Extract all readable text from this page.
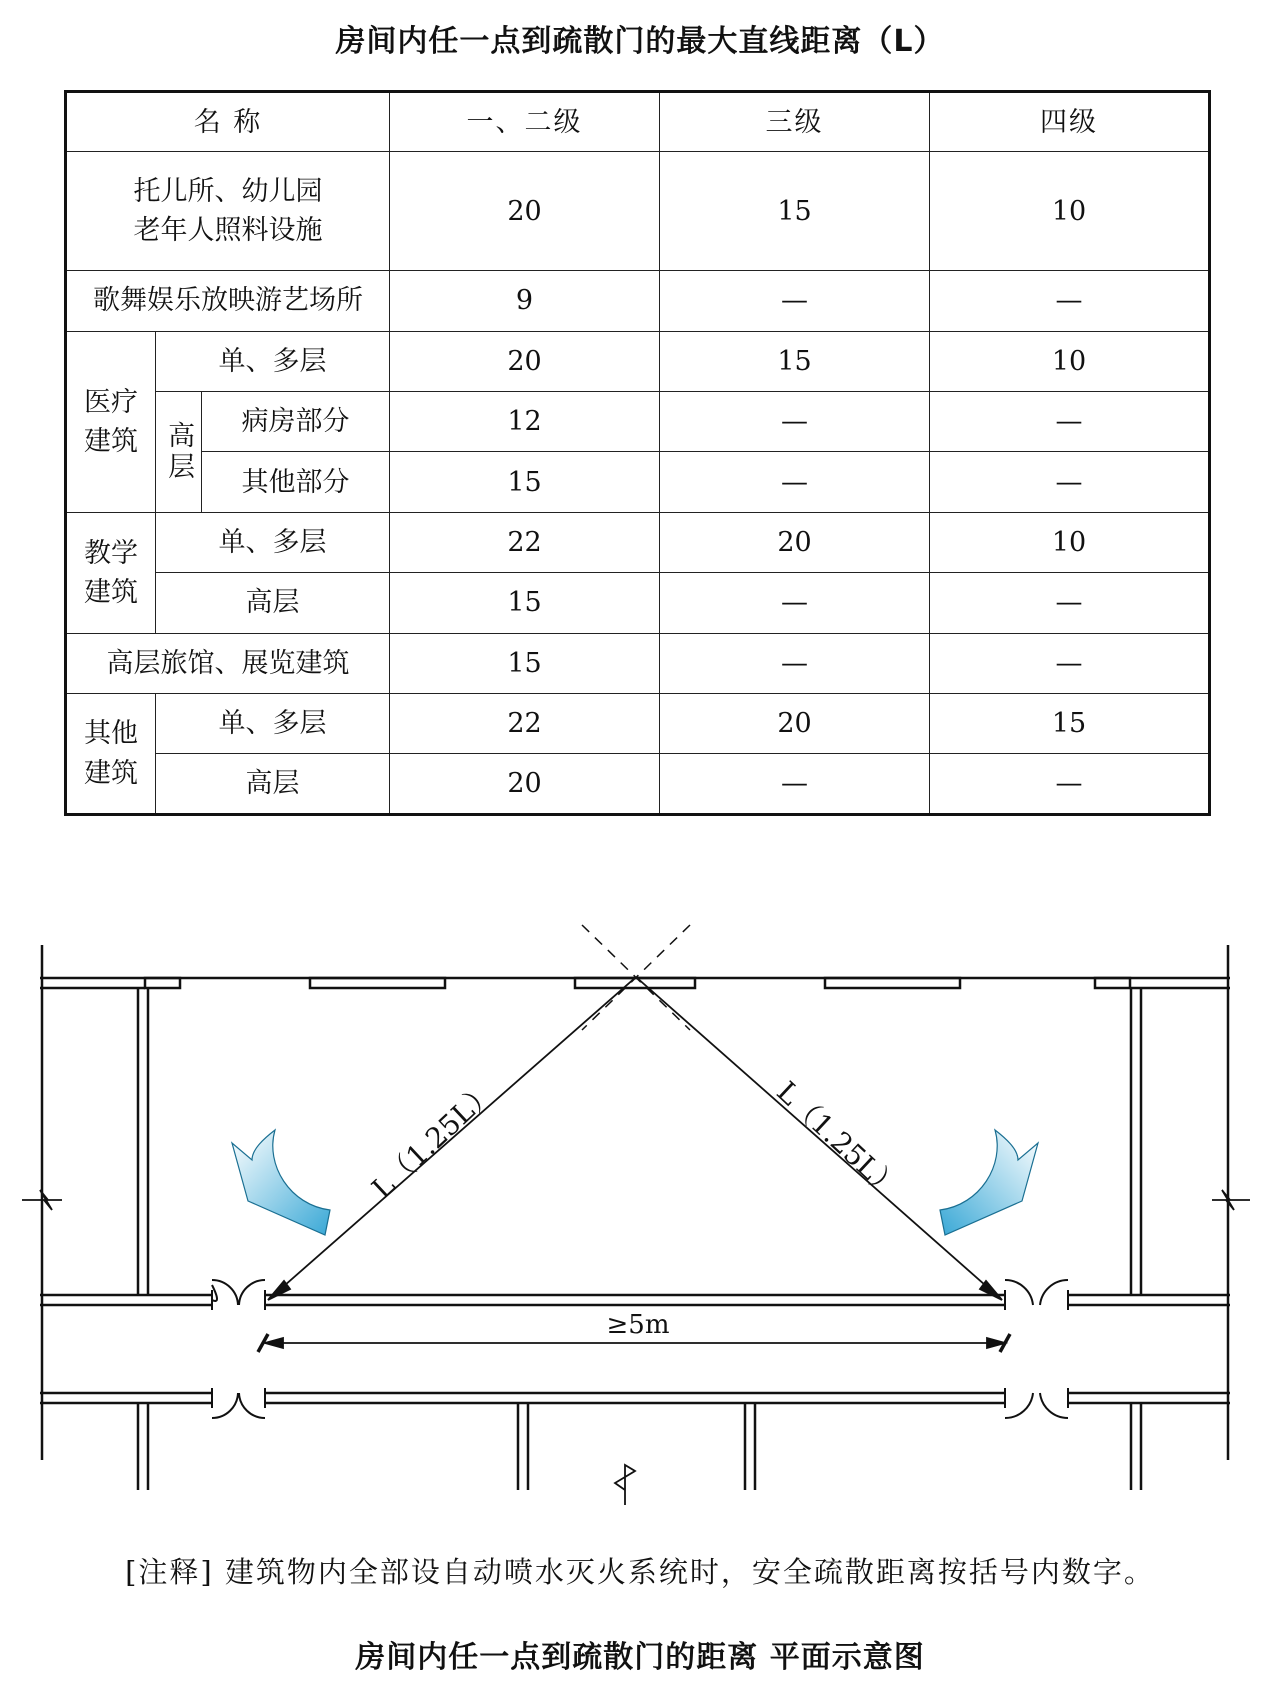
房间内任一点到疏散门的最大直线距离（L）
名 称			一、二级	三级	四级
托儿所、幼儿园
老年人照料设施			20	15	10
歌舞娱乐放映游艺场所			9	—	—
医疗建筑	单、多层		20	15	10
	高层	病房部分	12	—	—
		其他部分	15	—	—
教学建筑	单、多层		22	20	10
	高层		15	—	—
高层旅馆、展览建筑			15	—	—
其他建筑	单、多层		22	20	15
	高层		20	—	—
L（1.25L）	L（1.25L）
≥5m
[注释] 建筑物内全部设自动喷水灭火系统时，安全疏散距离按括号内数字。
房间内任一点到疏散门的距离 平面示意图
